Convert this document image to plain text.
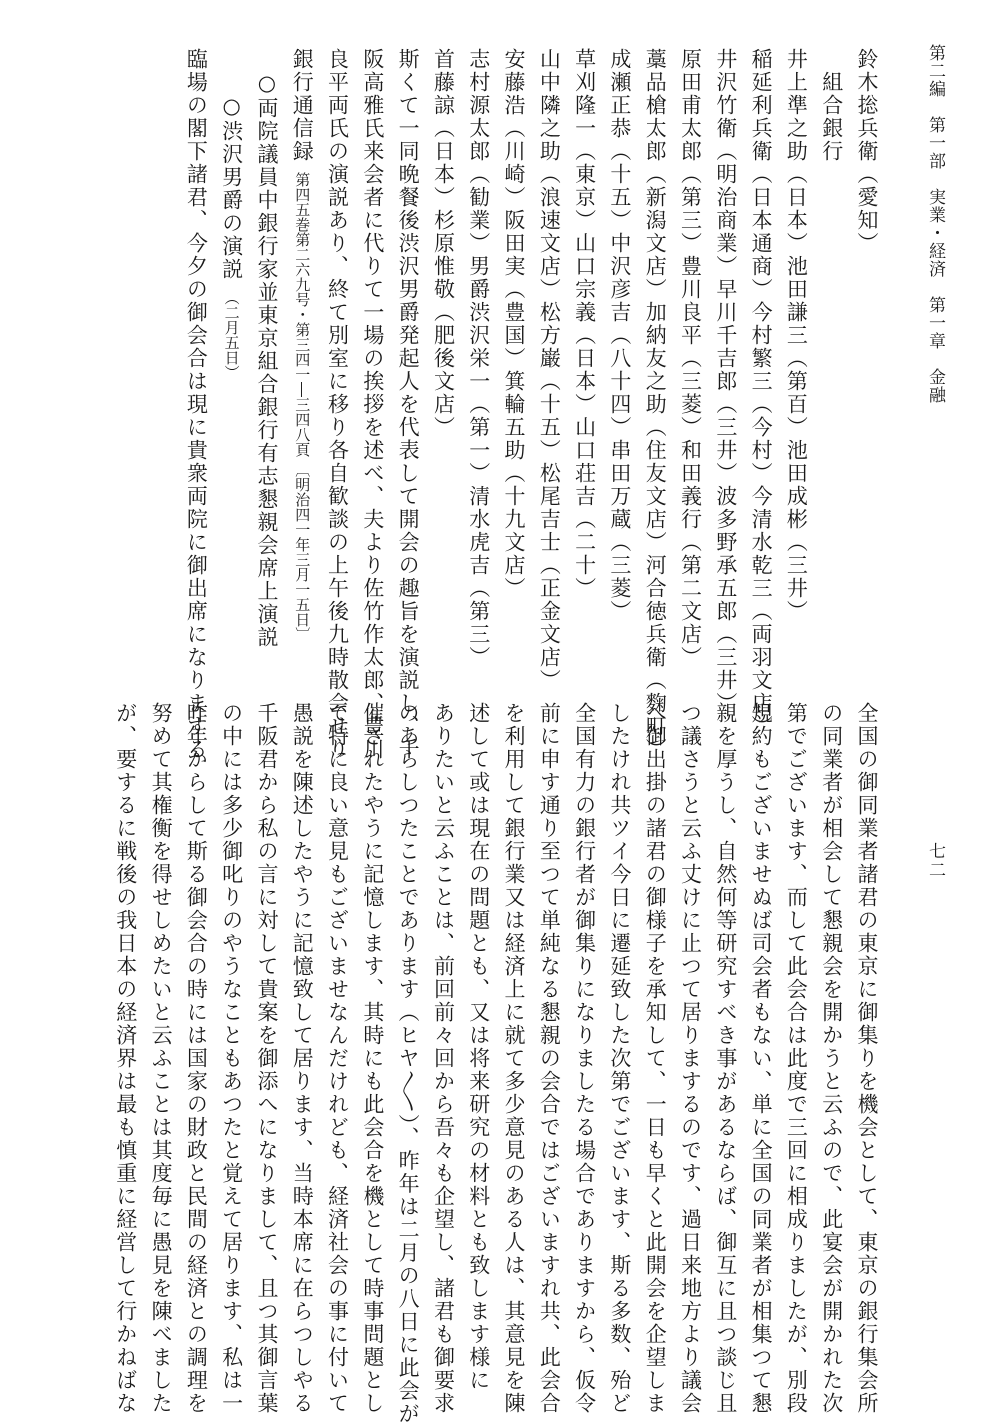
第二編　第一部　実業・経済　第一章　金融
七二
鈴木捴兵衛（愛知）
　組合銀行
井上準之助（日本）池田謙三（第百）池田成彬（三井）
稲延利兵衛（日本通商）今村繁三（今村）今清水乾三（両羽文店）
井沢竹衛（明治商業）早川千吉郎（三井）波多野承五郎（三井）
原田甫太郎（第三）豊川良平（三菱）和田義行（第二文店）
藁品槍太郎（新潟文店）加納友之助（住友文店）河合徳兵衛（麴町）
成瀬正恭（十五）中沢彦吉（八十四）串田万蔵（三菱）
草刈隆一（東京）山口宗義（日本）山口荘吉（二十）
山中隣之助（浪速文店）松方巌（十五）松尾吉士（正金文店）
安藤浩（川崎）阪田実（豊国）箕輪五助（十九文店）
志村源太郎（勧業）男爵渋沢栄一（第一）清水虎吉（第三）
首藤諒（日本）杉原惟敬（肥後文店）
斯くて一同晩餐後渋沢男爵発起人を代表して開会の趣旨を演説し、千
阪高雅氏来会者に代りて一場の挨拶を述べ、夫より佐竹作太郎、豊川
良平両氏の演説あり、終て別室に移り各自歓談の上午後九時散会せり
銀行通信録 第四五巻第二六九号・第三四一―三四八頁 〔明治四一年三月一五日〕
　○両院議員中銀行家並東京組合銀行有志懇親会席上演説
　　○渋沢男爵の演説 （二月五日）
臨場の閣下諸君、今夕の御会合は現に貴衆両院に御出席になりまする
全国の御同業者諸君の東京に御集りを機会として、東京の銀行集会所
の同業者が相会して懇親会を開かうと云ふので、此宴会が開かれた次
第でございます、而して此会合は此度で三回に相成りましたが、別段
規約もございませぬば司会者もない、単に全国の同業者が相集つて懇
親を厚うし、自然何等研究すべき事があるならば、御互に且つ談じ且
つ議さうと云ふ丈けに止つて居りまするのです、過日来地方より議会
へ御出掛の諸君の御様子を承知して、一日も早くと此開会を企望しま
したけれ共ツイ今日に遷延致した次第でございます、斯る多数、殆ど
全国有力の銀行者が御集りになりましたる場合でありますから、仮令
前に申す通り至つて単純なる懇親の会合ではございますれ共、此会合
を利用して銀行業又は経済上に就て多少意見のある人は、其意見を陳
述して或は現在の問題とも、又は将来研究の材料とも致します様に
ありたいと云ふことは、前回前々回から吾々も企望し、諸君も御要求
のあらしつたことであります（ヒヤ〳〵）、昨年は二月の八日に此会が
催されたやうに記憶します、其時にも此会合を機として時事問題とし
て特に良い意見もございませなんだけれども、経済社会の事に付いて
愚説を陳述したやうに記憶致して居ります、当時本席に在らつしやる
千阪君から私の言に対して貴案を御添へになりまして、且つ其御言葉
の中には多少御叱りのやうなこともあつたと覚えて居ります、私は一
昨年からして斯る御会合の時には国家の財政と民間の経済との調理を
努めて其権衡を得せしめたいと云ふことは其度毎に愚見を陳べました
が、要するに戦後の我日本の経済界は最も慎重に経営して行かねばな
